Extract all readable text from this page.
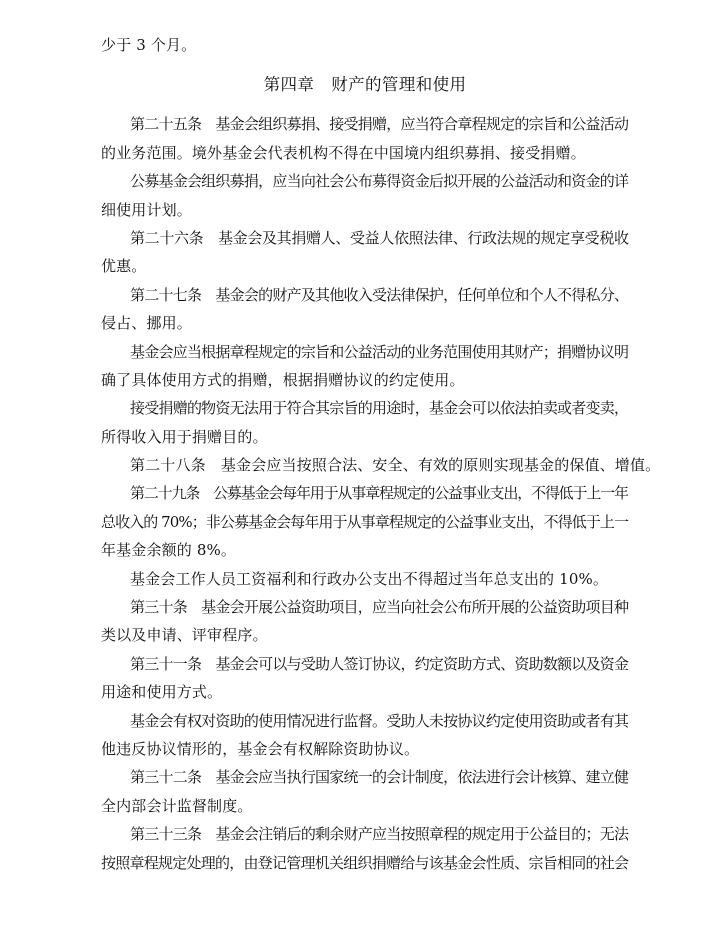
少于 3 个月。
第四章　财产的管理和使用
第二十五条　基金会组织募捐、接受捐赠，应当符合章程规定的宗旨和公益活动
的业务范围。境外基金会代表机构不得在中国境内组织募捐、接受捐赠。
公募基金会组织募捐，应当向社会公布募得资金后拟开展的公益活动和资金的详
细使用计划。
第二十六条　基金会及其捐赠人、受益人依照法律、行政法规的规定享受税收
优惠。
第二十七条　基金会的财产及其他收入受法律保护，任何单位和个人不得私分、
侵占、挪用。
基金会应当根据章程规定的宗旨和公益活动的业务范围使用其财产；捐赠协议明
确了具体使用方式的捐赠，根据捐赠协议的约定使用。
接受捐赠的物资无法用于符合其宗旨的用途时，基金会可以依法拍卖或者变卖，
所得收入用于捐赠目的。
第二十八条　基金会应当按照合法、安全、有效的原则实现基金的保值、增值。
第二十九条　公募基金会每年用于从事章程规定的公益事业支出，不得低于上一年
总收入的 70%；非公募基金会每年用于从事章程规定的公益事业支出，不得低于上一
年基金余额的 8%。
基金会工作人员工资福利和行政办公支出不得超过当年总支出的 10%。
第三十条　基金会开展公益资助项目，应当向社会公布所开展的公益资助项目种
类以及申请、评审程序。
第三十一条　基金会可以与受助人签订协议，约定资助方式、资助数额以及资金
用途和使用方式。
基金会有权对资助的使用情况进行监督。受助人未按协议约定使用资助或者有其
他违反协议情形的，基金会有权解除资助协议。
第三十二条　基金会应当执行国家统一的会计制度，依法进行会计核算、建立健
全内部会计监督制度。
第三十三条　基金会注销后的剩余财产应当按照章程的规定用于公益目的；无法
按照章程规定处理的，由登记管理机关组织捐赠给与该基金会性质、宗旨相同的社会
